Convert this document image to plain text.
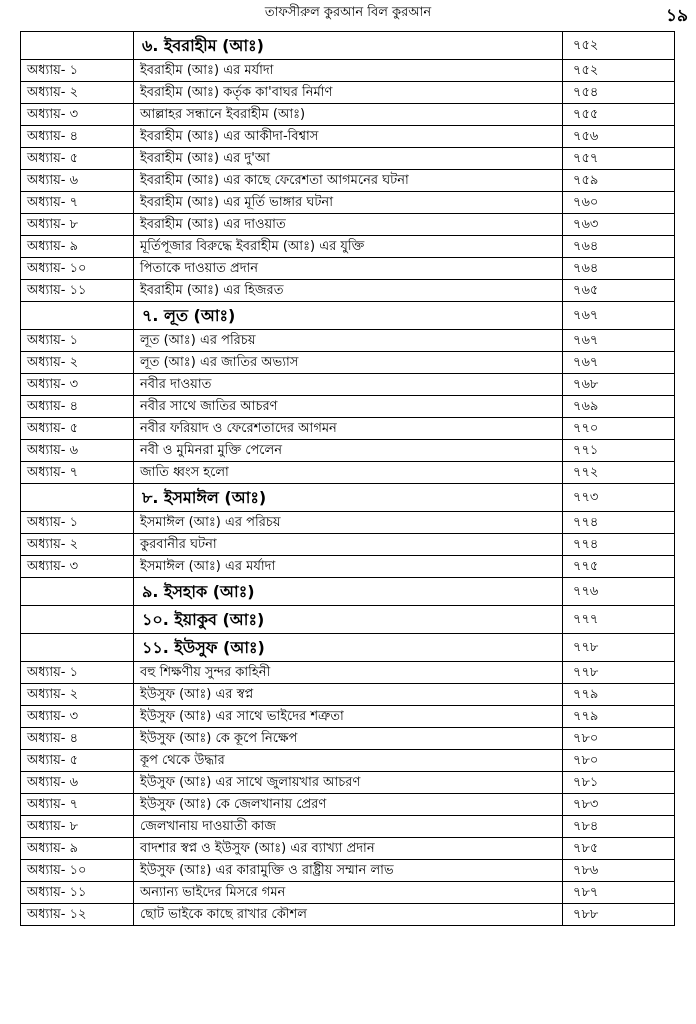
তাফসীরুল কুরআন বিল কুরআন	১৯
	৬. ইবরাহীম (আঃ)	৭৫২
অধ্যায়- ১	ইবরাহীম (আঃ) এর মর্যাদা	৭৫২
অধ্যায়- ২	ইবরাহীম (আঃ) কর্তৃক কা'বাঘর নির্মাণ	৭৫৪
অধ্যায়- ৩	আল্লাহর সন্ধানে ইবরাহীম (আঃ)	৭৫৫
অধ্যায়- ৪	ইবরাহীম (আঃ) এর আকীদা-বিশ্বাস	৭৫৬
অধ্যায়- ৫	ইবরাহীম (আঃ) এর দু'আ	৭৫৭
অধ্যায়- ৬	ইবরাহীম (আঃ) এর কাছে ফেরেশতা আগমনের ঘটনা	৭৫৯
অধ্যায়- ৭	ইবরাহীম (আঃ) এর মূর্তি ভাঙ্গার ঘটনা	৭৬০
অধ্যায়- ৮	ইবরাহীম (আঃ) এর দাওয়াত	৭৬৩
অধ্যায়- ৯	মূর্তিপূজার বিরুদ্ধে ইবরাহীম (আঃ) এর যুক্তি	৭৬৪
অধ্যায়- ১০	পিতাকে দাওয়াত প্রদান	৭৬৪
অধ্যায়- ১১	ইবরাহীম (আঃ) এর হিজরত	৭৬৫
	৭. লূত (আঃ)	৭৬৭
অধ্যায়- ১	লূত (আঃ) এর পরিচয়	৭৬৭
অধ্যায়- ২	লূত (আঃ) এর জাতির অভ্যাস	৭৬৭
অধ্যায়- ৩	নবীর দাওয়াত	৭৬৮
অধ্যায়- ৪	নবীর সাথে জাতির আচরণ	৭৬৯
অধ্যায়- ৫	নবীর ফরিয়াদ ও ফেরেশতাদের আগমন	৭৭০
অধ্যায়- ৬	নবী ও মুমিনরা মুক্তি পেলেন	৭৭১
অধ্যায়- ৭	জাতি ধ্বংস হলো	৭৭২
	৮. ইসমাঈল (আঃ)	৭৭৩
অধ্যায়- ১	ইসমাঈল (আঃ) এর পরিচয়	৭৭৪
অধ্যায়- ২	কুরবানীর ঘটনা	৭৭৪
অধ্যায়- ৩	ইসমাঈল (আঃ) এর মর্যাদা	৭৭৫
	৯. ইসহাক (আঃ)	৭৭৬
	১০. ইয়াকুব (আঃ)	৭৭৭
	১১. ইউসুফ (আঃ)	৭৭৮
অধ্যায়- ১	বহু শিক্ষণীয় সুন্দর কাহিনী	৭৭৮
অধ্যায়- ২	ইউসুফ (আঃ) এর স্বপ্ন	৭৭৯
অধ্যায়- ৩	ইউসুফ (আঃ) এর সাথে ভাইদের শত্রুতা	৭৭৯
অধ্যায়- ৪	ইউসুফ (আঃ) কে কূপে নিক্ষেপ	৭৮০
অধ্যায়- ৫	কূপ থেকে উদ্ধার	৭৮০
অধ্যায়- ৬	ইউসুফ (আঃ) এর সাথে জুলায়খার আচরণ	৭৮১
অধ্যায়- ৭	ইউসুফ (আঃ) কে জেলখানায় প্রেরণ	৭৮৩
অধ্যায়- ৮	জেলখানায় দাওয়াতী কাজ	৭৮৪
অধ্যায়- ৯	বাদশার স্বপ্ন ও ইউসুফ (আঃ) এর ব্যাখ্যা প্রদান	৭৮৫
অধ্যায়- ১০	ইউসুফ (আঃ) এর কারামুক্তি ও রাষ্ট্রীয় সম্মান লাভ	৭৮৬
অধ্যায়- ১১	অন্যান্য ভাইদের মিসরে গমন	৭৮৭
অধ্যায়- ১২	ছোট ভাইকে কাছে রাখার কৌশল	৭৮৮
